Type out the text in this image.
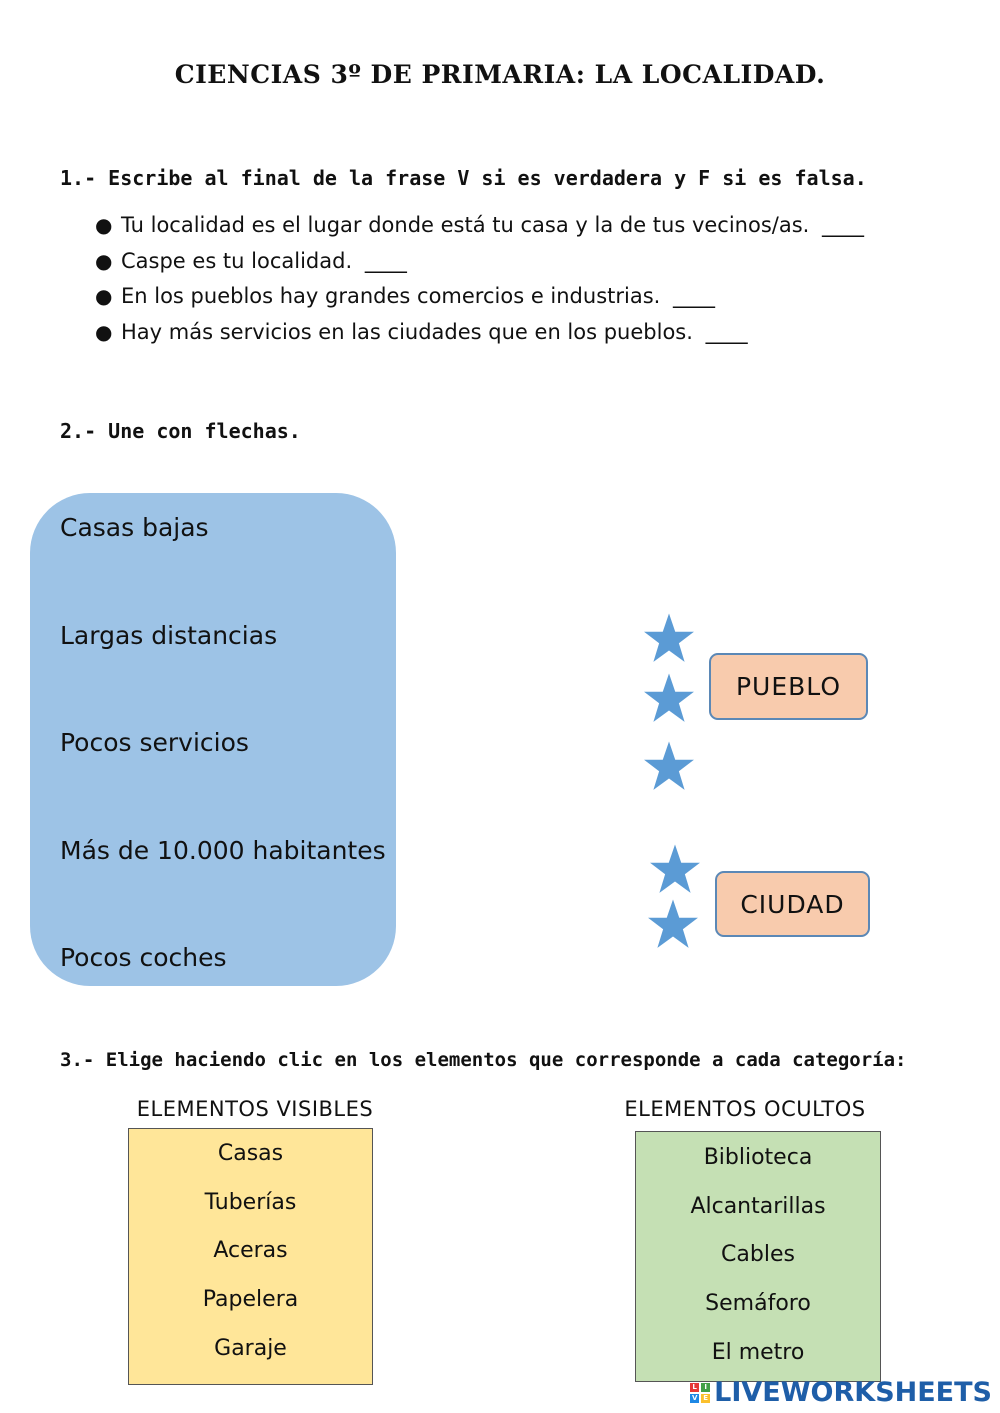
CIENCIAS 3º DE PRIMARIA: LA LOCALIDAD.
1.- Escribe al final de la frase V si es verdadera y F si es falsa.
● Tu localidad es el lugar donde está tu casa y la de tus vecinos/as. ____
● Caspe es tu localidad. ____
● En los pueblos hay grandes comercios e industrias. ____
● Hay más servicios en las ciudades que en los pueblos. ____
2.- Une con flechas.
Casas bajas
Largas distancias
Pocos servicios
Más de 10.000 habitantes
Pocos coches
PUEBLO
CIUDAD
3.- Elige haciendo clic en los elementos que corresponde a cada categoría:
ELEMENTOS VISIBLES
Casas
Tuberías
Aceras
Papelera
Garaje
ELEMENTOS OCULTOS
Biblioteca
Alcantarillas
Cables
Semáforo
El metro
L	I
V E LIVEWORKSHEETS
